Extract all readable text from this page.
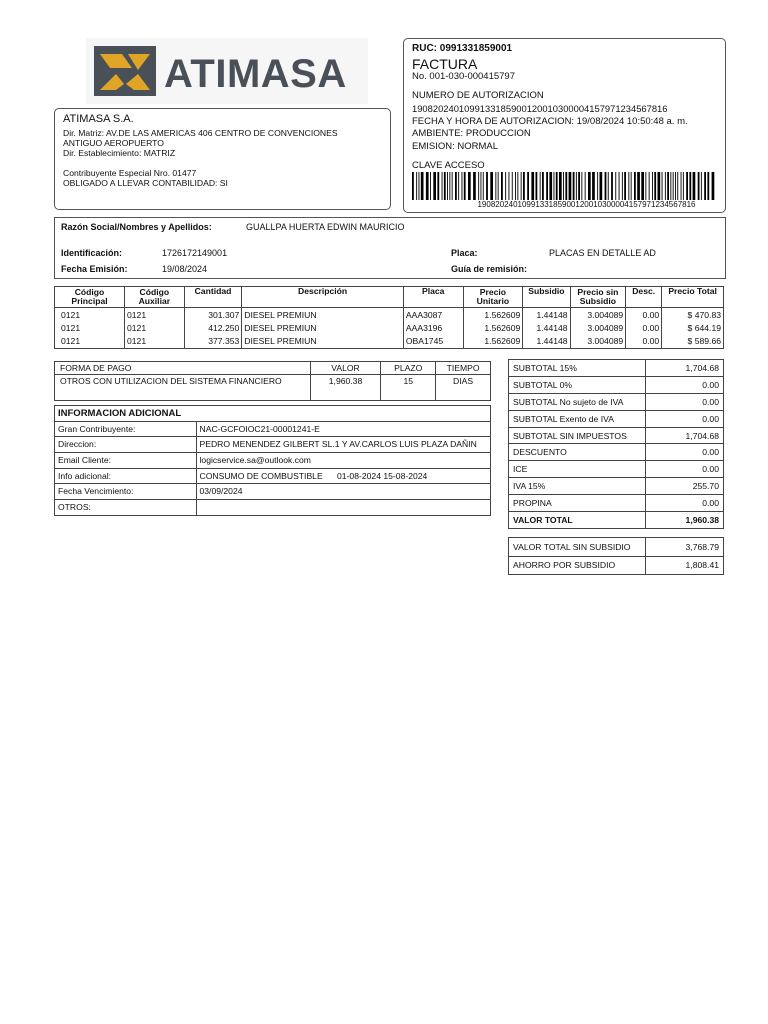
ATIMASA
ATIMASA S.A.
Dir. Matriz: AV.DE LAS AMERICAS 406 CENTRO DE CONVENCIONES
ANTIGUO AEROPUERTO
Dir. Establecimiento: MATRIZ
Contribuyente Especial Nro. 01477
OBLIGADO A LLEVAR CONTABILIDAD: SI
RUC: 0991331859001
FACTURA
No. 001-030-000415797
NUMERO DE AUTORIZACION
1908202401099133185900120010300004157971234567816
FECHA Y HORA DE AUTORIZACION: 19/08/2024 10:50:48 a. m.
AMBIENTE: PRODUCCION
EMISION: NORMAL
CLAVE ACCESO
1908202401099133185900120010300004157971234567816
Razón Social/Nombres y Apellidos:	GUALLPA HUERTA EDWIN MAURICIO
Identificación:	1726172149001	Placa:	PLACAS EN DETALLE AD
Fecha Emisión:	19/08/2024	Guía de remisión:
Código Principal	Código Auxiliar	Cantidad	Descripción	Placa	Precio Unitario	Subsidio	Precio sin Subsidio	Desc.	Precio Total
0121	0121	301.307	DIESEL PREMIUN	AAA3087	1.562609	1.44148	3.004089	0.00	$ 470.83
0121	0121	412.250	DIESEL PREMIUN	AAA3196	1.562609	1.44148	3.004089	0.00	$ 644.19
0121	0121	377.353	DIESEL PREMIUN	OBA1745	1.562609	1.44148	3.004089	0.00	$ 589.66
FORMA DE PAGO	VALOR	PLAZO	TIEMPO
OTROS CON UTILIZACION DEL SISTEMA FINANCIERO	1,960.38	15	DIAS
INFORMACION ADICIONAL	
Gran Contribuyente:	NAC-GCFOIOC21-00001241-E
Direccion:	PEDRO MENENDEZ GILBERT SL.1 Y AV.CARLOS LUIS PLAZA DAÑIN
Email Cliente:	logicservice.sa@outlook.com
Info adicional:	CONSUMO DE COMBUSTIBLE      01-08-2024 15-08-2024
Fecha Vencimiento:	03/09/2024
OTROS:	
SUBTOTAL 15%	1,704.68
SUBTOTAL 0%	0.00
SUBTOTAL No sujeto de IVA	0.00
SUBTOTAL Exento de IVA	0.00
SUBTOTAL SIN IMPUESTOS	1,704.68
DESCUENTO	0.00
ICE	0.00
IVA 15%	255.70
PROPINA	0.00
VALOR TOTAL	1,960.38
VALOR TOTAL SIN SUBSIDIO	3,768.79
AHORRO POR SUBSIDIO	1,808.41
